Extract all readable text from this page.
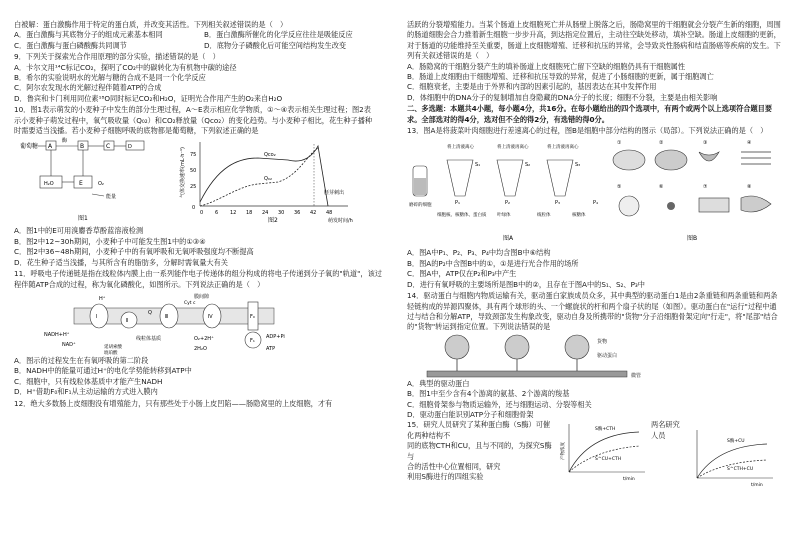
白被解：蛋白激酶作用于特定的蛋白质，并改变其活性。下列相关叙述错误的是（　）

A．蛋白激酶与其底物分子的组成元素基本相同	B．蛋白激酶所催化的化学反应往往是吸能反应
C．蛋白激酶与蛋白磷酸酶共同调节	D．底物分子磷酸化后可能空间结构发生改变

9．下列关于探索光合作用原理的部分实验，描述错误的是（　）

A．卡尔文用¹⁴C标记CO₂，探明了CO₂中的碳转化为有机物中碳的途径

B．希尔的实验说明水的光解与糖的合成不是同一个化学反应

C．阿尔农发现水的光解过程伴随着ATP的合成

D．鲁宾和卡门利用同位素¹⁸O同时标记CO₂和H₂O，证明光合作用产生的O₂来自H₂O

10．图1表示萌发的小麦种子中发生的部分生理过程，A～E表示相应化学物质，①～④表示相关生理过程；图2表示小麦种子萌发过程中，氧气吸收量（Q₀₂）和CO₂释放量（Qco₂）的变化趋势。与小麦种子相比，花生种子播种时需要适当浅播。若小麦种子细胞呼吸的底物都是葡萄糖，下列叙述正确的是

葡萄糖 A
酶
B	C	D
H₂O	E	O₂
能量
图1
气体交换速率(mL·h⁻¹) 75
50
25
0
0 6 12 18 24 30 36 42 48
萌发时间/h
Qco₂
Q₀₂
胚芽刺出
图2

A．图1中的E可用溴麝香草酚蓝溶液检测

B．图2中12~30h期间，小麦种子中可能发生图1中的①③④

C．图2中36~48h期间，小麦种子中的有氧呼吸和无氧呼吸强度均不断提高

D．花生种子适当浅播，与其所含有的脂肪多，分解时需氧量大有关

11．呼吸电子传递链是指在线粒体内膜上由一系列能作电子传递体的组分构成的将电子传递到分子氧的"轨道"，该过程伴随ATP合成的过程，称为氧化磷酸化，如图所示。下列说法正确的是（　）

膜间隙
线粒体基质
Ⅰ
Ⅱ
Ⅲ	Ⅳ	F₀
F₁
Cyt c
Q
H⁺
NADH+H⁺
NAD⁺	延胡索酸
琥珀酸
O₂+2H⁺
2H₂O
ADP+Pi
ATP

A．图示的过程发生在有氧呼吸的第二阶段

B．NADH中的能量可通过H⁺的电化学势能转移到ATP中

C．细胞中，只有线粒体基质中才能产生NADH

D．H⁺借助F₀和F₁从主动运输的方式进入膜内

12．绝大多数肠上皮细胞没有增殖能力，只有那些处于小肠上皮凹陷——肠隐窝里的上皮细胞，才有

活跃的分裂增殖能力。当某个肠道上皮细胞死亡并从肠壁上脱落之后，肠隐窝里的干细胞就会分裂产生新的细胞，周围的肠道细胞会合力推着新生细胞一步步升高，到达指定位置后，主动往空缺处移动，填补空缺。肠道上皮细胞的更新，对于肠道的功能维持至关重要，肠道上皮细胞增殖、迁移和抗压的异常，会导致炎性肠病和结直肠癌等疾病的发生。下列有关叙述错误的是（　）

A．肠隐窝的干细胞分裂产生的填补肠道上皮细胞死亡留下空缺的细胞仍具有干细胞属性

B．肠道上皮细胞由干细胞增殖、迁移和抗压导致的异常，促进了小肠细胞的更新，属于细胞凋亡

C．细胞衰老，主要是由于外界和内部的因素引起的，基因表达在其中发挥作用

D．体细胞中的DNA分子的复制增加自身隐藏的DNA分子的长度；细胞不分裂，主要是由相关影响

二、多选题：本题共4小题，每小题4分，共16分。在每小题给出的四个选项中，有两个或两个以上选项符合题目要求。全部选对的得4分，选对但不全的得2分，有选错的得0分。

13．图A是将菠菜叶肉细胞进行差速离心的过程，图B是细胞中部分结构的图示（局部）。下列说法正确的是（　）

磨碎的细胞
将上清液离心	将上清液再离心	将上清液再离心
P₁	P₂	P₃	P₄
S₁	S₂	S₃
细胞核、核糖体、蛋白质 叶绿体	线粒体	核糖体
图A
①	②	③	④
⑤	⑥	⑦	⑧
图B

A．图A中P₁、P₂、P₃、P₄中均含图B中⑥结构

B．图A的P₂中含图B中的①，①是进行光合作用的场所

C．图A中，ATP仅在P₂和P₃中产生

D．进行有氧呼吸的主要场所是图B中的②，且存在于图A中的S₁、S₂、P₃中

14．驱动蛋白与细胞内物质运输有关，驱动蛋白家族成员众多，其中典型的驱动蛋白1是由2条重链和两条重链和两条轻链构成的异源四聚体，具有两个球形的头、一个螺旋状的杆和两个扇子状的尾（如图）。驱动蛋白在"运行"过程中通过与结合和分解ATP，导致颈部发生构象改变，驱动自身及所携带的"货物"分子沿细胞骨架定向"行走"，将"尾部"结合的"货物"转运到指定位置。下列说法错误的是

货物
驱动蛋白
微管

A．典型的驱动蛋白

B．图1中至少含有4个游离的氨基、2个游离的羧基

C．细胞骨架参与物质运输外，还与细胞运动、分裂等相关

D．驱动蛋白能识别ATP分子和细胞骨架

15．研究人员研究了某种蛋白酶（S酶）可催化两种结构不

同的底物CTH和CU，且与不同的，为探究S酶与

合的活性中心位置相同，研究

利用S酶进行的四组实验

产物浓度
S酶+CTH
S^CU+CTH
t/min

两名研究人员

S酶+CU
S^CTH+CU
t/min
